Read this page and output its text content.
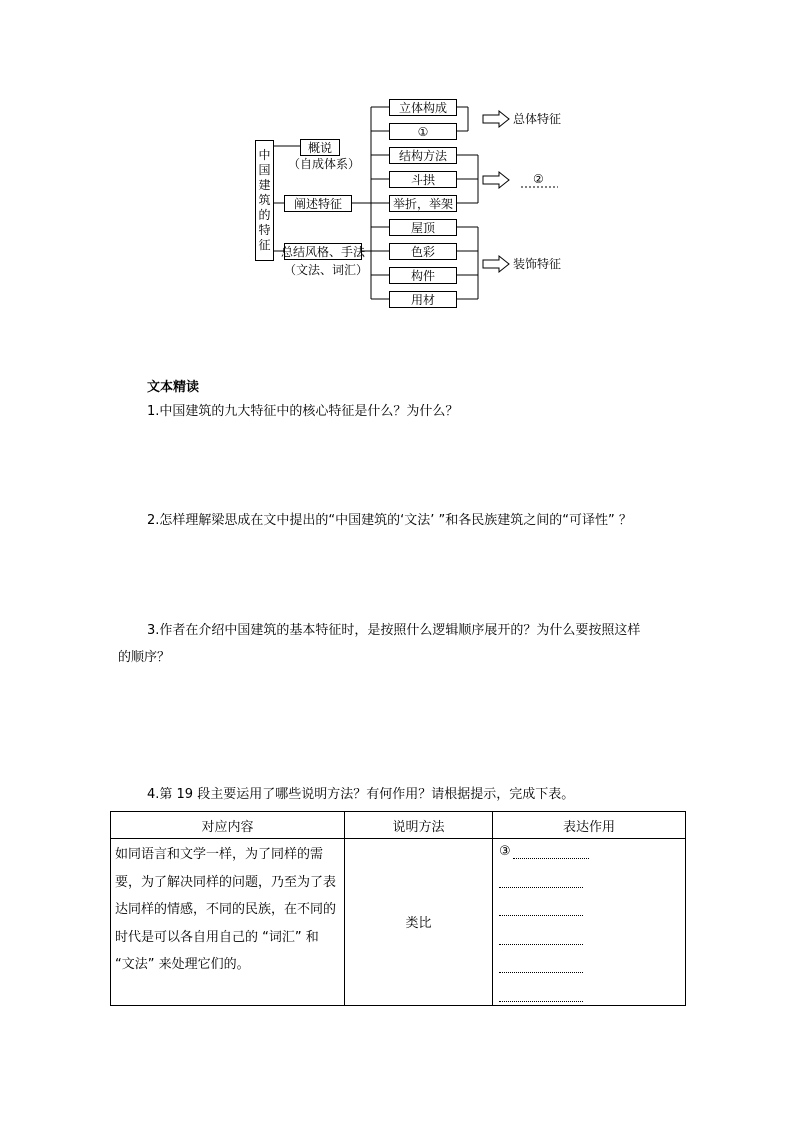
中
国
建
筑
的
特
征
概说
（自成体系）
阐述特征
总结风格、手法
（文法、词汇）
立体构成
①
结构方法
斗拱
举折，举架
屋顶
色彩
构件
用材
总体特征
②
装饰特征
文本精读
1.中国建筑的九大特征中的核心特征是什么？为什么？
2.怎样理解梁思成在文中提出的“中国建筑的‘文法’ ”和各民族建筑之间的“可译性” ？
3.作者在介绍中国建筑的基本特征时，是按照什么逻辑顺序展开的？为什么要按照这样
的顺序？
4.第 19 段主要运用了哪些说明方法？有何作用？请根据提示，完成下表。
对应内容	说明方法	表达作用
如同语言和文学一样，为了同样的需要，为了解决同样的问题，乃至为了表达同样的情感，不同的民族，在不同的时代是可以各自用自己的 “词汇” 和 “文法” 来处理它们的。	类比	③
